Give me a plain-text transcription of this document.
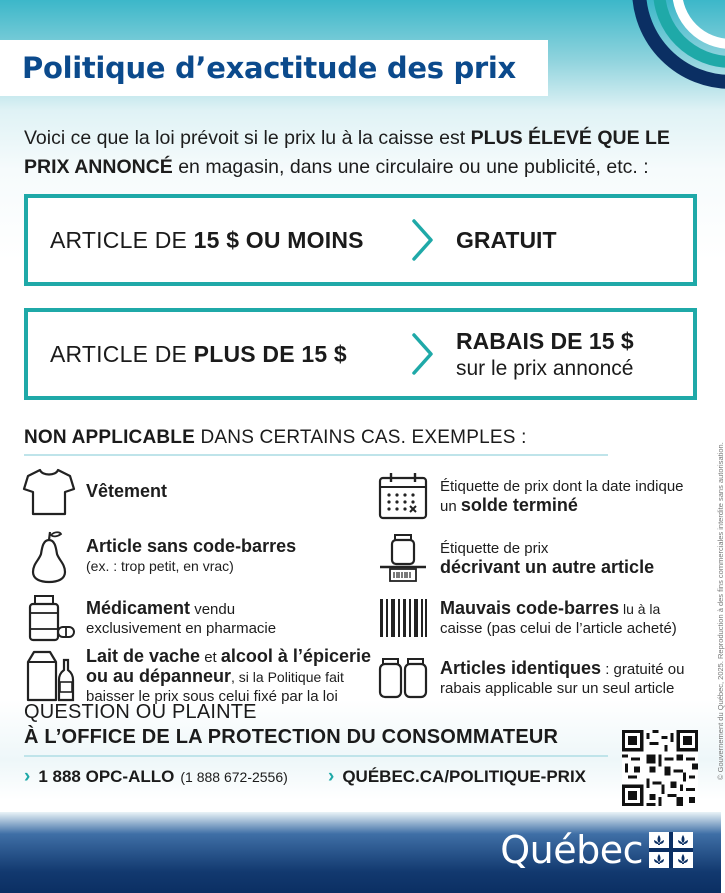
Politique d’exactitude des prix

Voici ce que la loi prévoit si le prix lu à la caisse est PLUS ÉLEVÉ QUE LE PRIX ANNONCÉ en magasin, dans une circulaire ou une publicité, etc. :

ARTICLE DE 15 $ OU MOINS	GRATUIT
ARTICLE DE PLUS DE 15 $	RABAIS DE 15 $
sur le prix annoncé
NON APPLICABLE DANS CERTAINS CAS. EXEMPLES :
Vêtement
Article sans code-barres
(ex. : trop petit, en vrac)
Médicament vendu
exclusivement en pharmacie
Lait de vache et alcool à l’épicerie
ou au dépanneur, si la Politique fait
baisser le prix sous celui fixé par la loi
Étiquette de prix dont la date indique
un solde terminé
Étiquette de prix
décrivant un autre article
Mauvais code-barres lu à la
caisse (pas celui de l’article acheté)
Articles identiques : gratuité ou
rabais applicable sur un seul article
QUESTION OU PLAINTE
À L’OFFICE DE LA PROTECTION DU CONSOMMATEUR
› 1 888 OPC-ALLO (1 888 672-2556) › QUÉBEC.CA/POLITIQUE-PRIX	© Gouvernement du Québec, 2025. Reproduction à des fins commerciales interdite sans autorisation.
Québec
